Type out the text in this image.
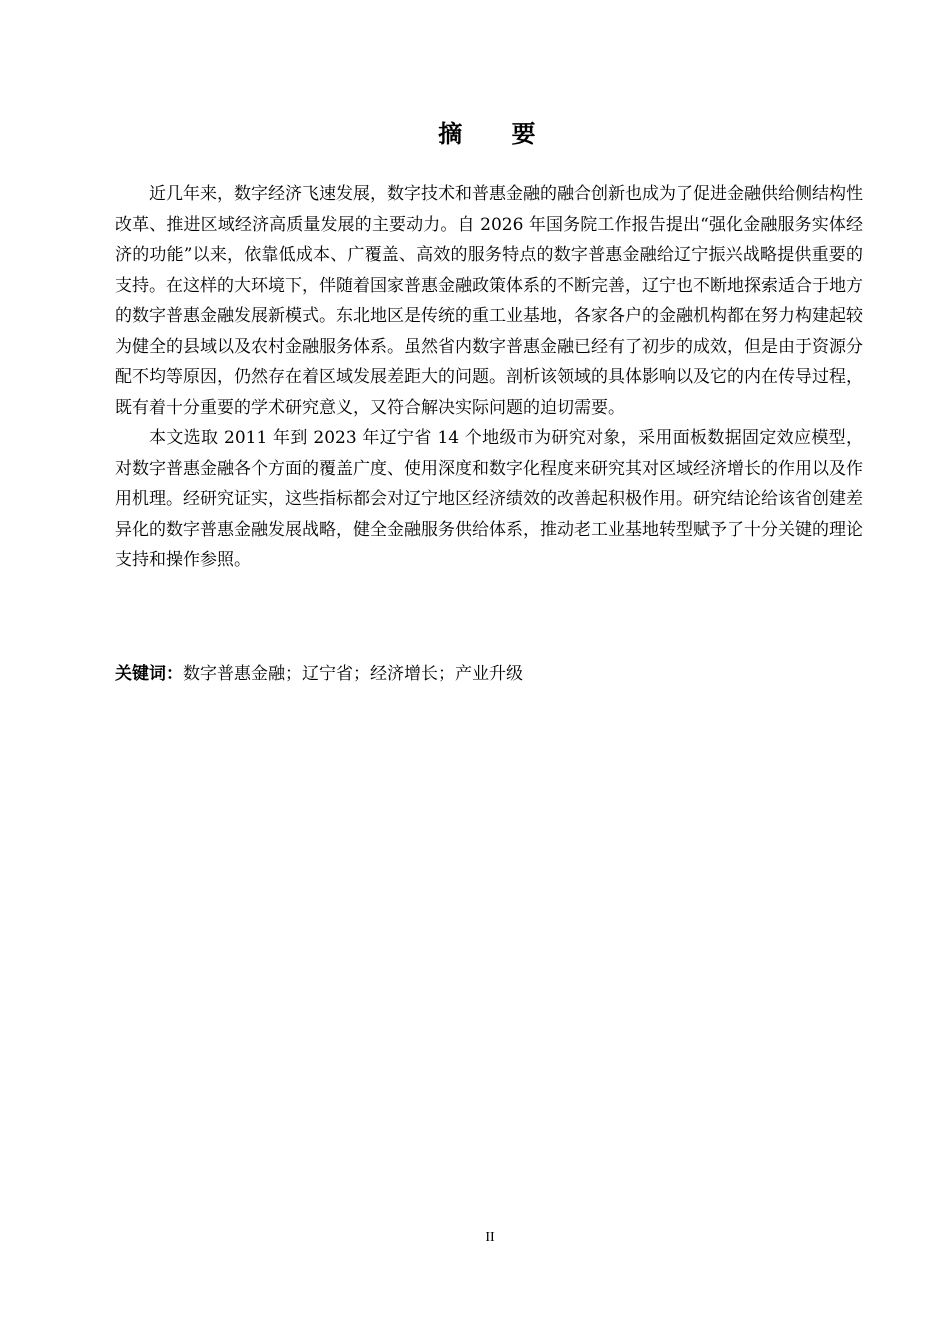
摘 要

近几年来，数字经济飞速发展，数字技术和普惠金融的融合创新也成为了促进金融供给侧结构性改革、推进区域经济高质量发展的主要动力。自 2026 年国务院工作报告提出“强化金融服务实体经济的功能”以来，依靠低成本、广覆盖、高效的服务特点的数字普惠金融给辽宁振兴战略提供重要的支持。在这样的大环境下，伴随着国家普惠金融政策体系的不断完善，辽宁也不断地探索适合于地方的数字普惠金融发展新模式。东北地区是传统的重工业基地，各家各户的金融机构都在努力构建起较为健全的县域以及农村金融服务体系。虽然省内数字普惠金融已经有了初步的成效，但是由于资源分配不均等原因，仍然存在着区域发展差距大的问题。剖析该领域的具体影响以及它的内在传导过程，既有着十分重要的学术研究意义，又符合解决实际问题的迫切需要。

本文选取 2011 年到 2023 年辽宁省 14 个地级市为研究对象，采用面板数据固定效应模型，对数字普惠金融各个方面的覆盖广度、使用深度和数字化程度来研究其对区域经济增长的作用以及作用机理。经研究证实，这些指标都会对辽宁地区经济绩效的改善起积极作用。研究结论给该省创建差异化的数字普惠金融发展战略，健全金融服务供给体系，推动老工业基地转型赋予了十分关键的理论支持和操作参照。

关键词：数字普惠金融；辽宁省；经济增长；产业升级
II
